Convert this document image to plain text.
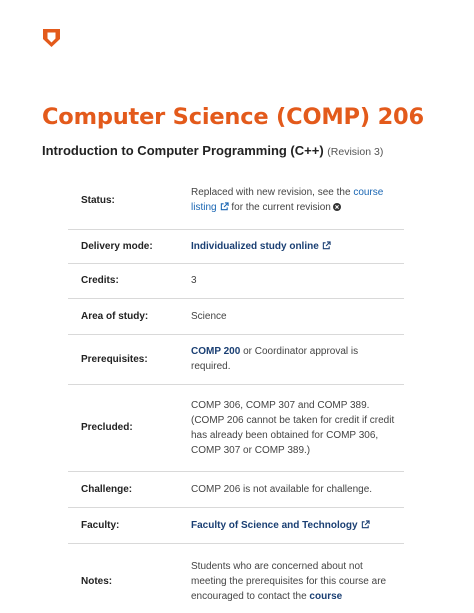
Computer Science (COMP) 206
Introduction to Computer Programming (C++) (Revision 3)
Status:	Replaced with new revision, see the course listing for the current revision
Delivery mode:	Individualized study online
Credits:	3
Area of study:	Science
Prerequisites:	COMP 200 or Coordinator approval is required.
Precluded:	COMP 306, COMP 307 and COMP 389. (COMP 206 cannot be taken for credit if credit has already been obtained for COMP 306, COMP 307 or COMP 389.)
Challenge:	COMP 206 is not available for challenge.
Faculty:	Faculty of Science and Technology
Notes:	Students who are concerned about not meeting the prerequisites for this course are encouraged to contact the course
